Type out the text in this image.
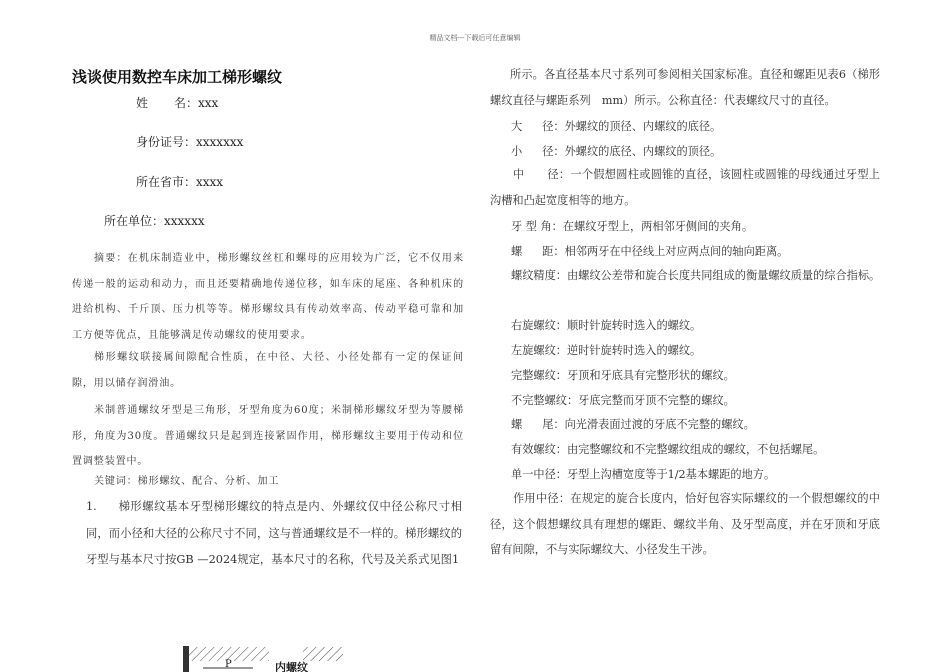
精品文档---下载后可任意编辑
浅谈使用数控车床加工梯形螺纹
姓 名：xxx
身份证号：xxxxxxx
所在省市：xxxx
所在单位：xxxxxx
摘要：在机床制造业中，梯形螺纹丝杠和螺母的应用较为广泛，它不仅用来传递一般的运动和动力，而且还要精确地传递位移，如车床的尾座、各种机床的进给机构、千斤顶、压力机等等。梯形螺纹具有传动效率高、传动平稳可靠和加工方便等优点，且能够满足传动螺纹的使用要求。
梯形螺纹联接属间隙配合性质，在中径、大径、小径处都有一定的保证间隙，用以储存润滑油。
米制普通螺纹牙型是三角形，牙型角度为60度；米制梯形螺纹牙型为等腰梯形，角度为30度。普通螺纹只是起到连接紧固作用，梯形螺纹主要用于传动和位置调整装置中。
关键词：梯形螺纹、配合、分析、加工
1. 梯形螺纹基本牙型梯形螺纹的特点是内、外螺纹仅中径公称尺寸相同，而小径和大径的公称尺寸不同，这与普通螺纹是不一样的。梯形螺纹的牙型与基本尺寸按GB —2024规定，基本尺寸的名称，代号及关系式见图1
所示。各直径基本尺寸系列可参阅相关国家标准。直径和螺距见表6（梯形螺纹直径与螺距系列　mm）所示。公称直径：代表螺纹尺寸的直径。
大 径：外螺纹的顶径、内螺纹的底径。
小 径：外螺纹的底径、内螺纹的顶径。
　　中　　径：一个假想圆柱或圆锥的直径，该圆柱或圆锥的母线通过牙型上沟槽和凸起宽度相等的地方。
牙 型 角：在螺纹牙型上，两相邻牙侧间的夹角。
螺 距：相邻两牙在中径线上对应两点间的轴向距离。
螺纹精度：由螺纹公差带和旋合长度共同组成的衡量螺纹质量的综合指标。
右旋螺纹：顺时针旋转时选入的螺纹。
左旋螺纹：逆时针旋转时选入的螺纹。
完整螺纹：牙顶和牙底具有完整形状的螺纹。
不完整螺纹：牙底完整而牙顶不完整的螺纹。
螺 尾：向光滑表面过渡的牙底不完整的螺纹。
有效螺纹：由完整螺纹和不完整螺纹组成的螺纹，不包括螺尾。
单一中径：牙型上沟槽宽度等于1/2基本螺距的地方。
　　作用中径：在规定的旋合长度内，恰好包容实际螺纹的一个假想螺纹的中径，这个假想螺纹具有理想的螺距、螺纹半角、及牙型高度，并在牙顶和牙底留有间隙，不与实际螺纹大、小径发生干涉。
P	内螺纹
